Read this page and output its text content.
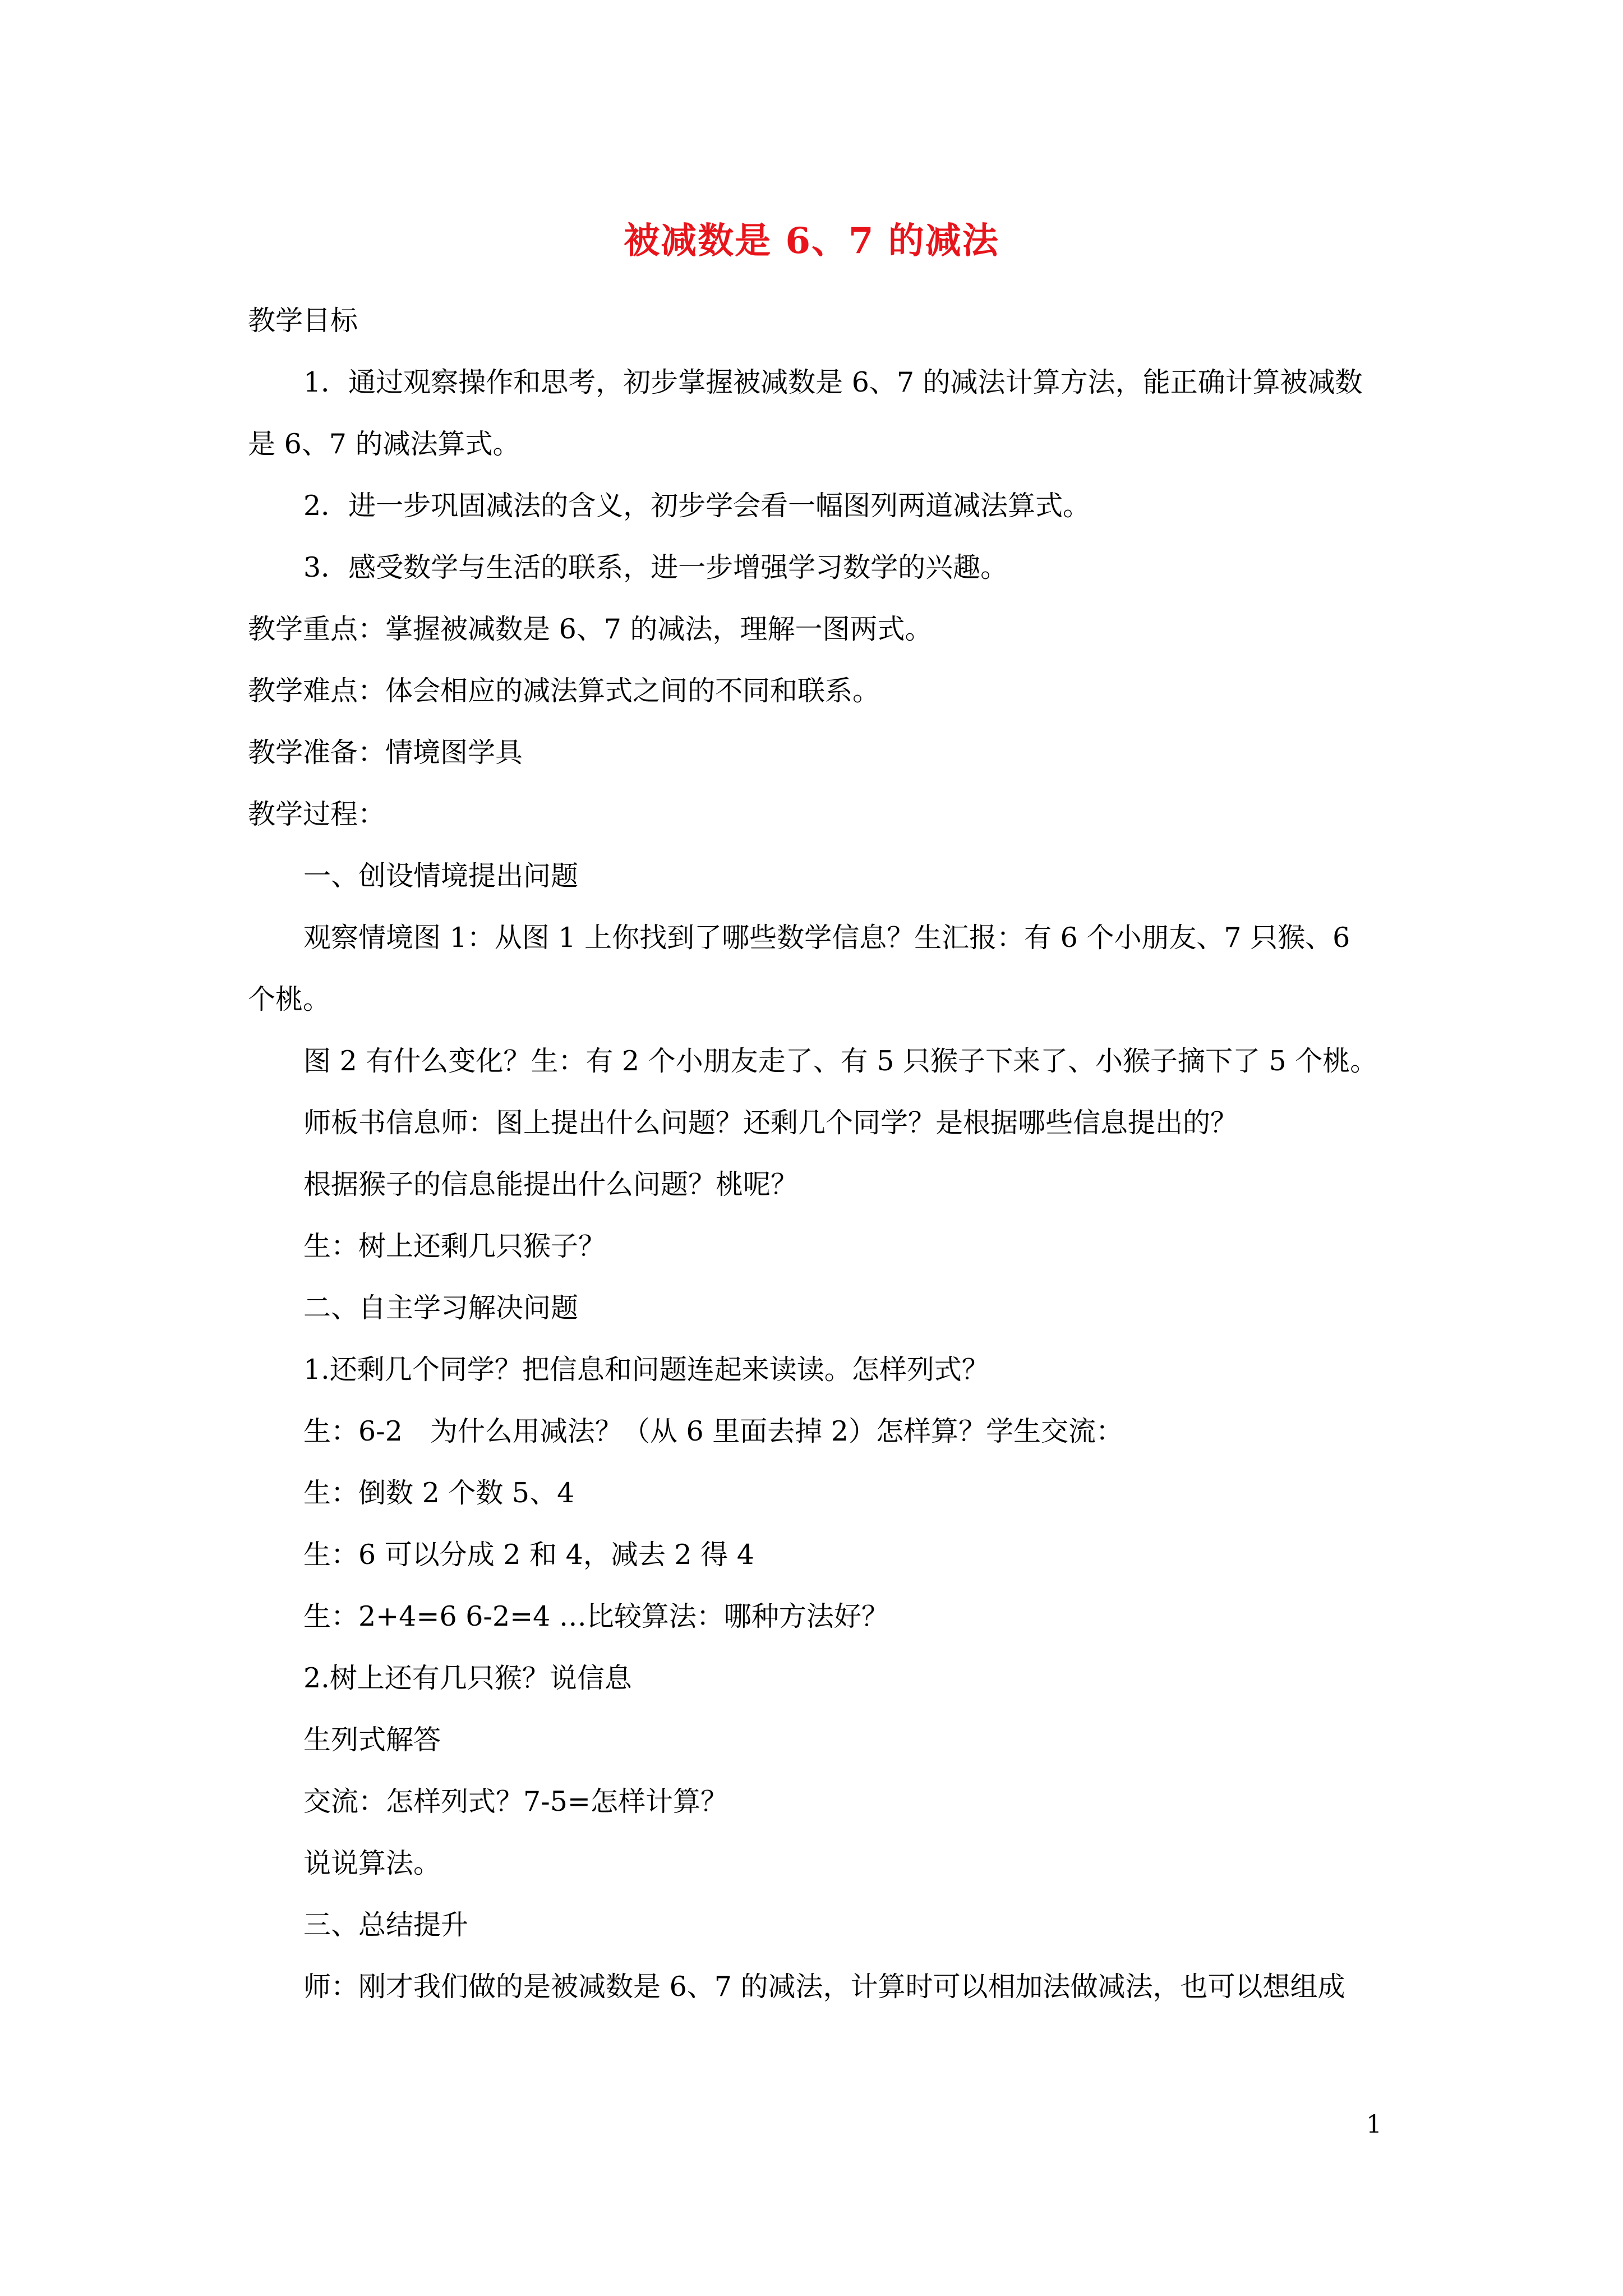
被减数是 6、7 的减法
教学目标
1．通过观察操作和思考，初步掌握被减数是 6、7 的减法计算方法，能正确计算被减数
是 6、7 的减法算式。
2．进一步巩固减法的含义，初步学会看一幅图列两道减法算式。
3．感受数学与生活的联系，进一步增强学习数学的兴趣。
教学重点：掌握被减数是 6、7 的减法，理解一图两式。
教学难点：体会相应的减法算式之间的不同和联系。
教学准备：情境图学具
教学过程：
一、创设情境提出问题
观察情境图 1：从图 1 上你找到了哪些数学信息？生汇报：有 6 个小朋友、7 只猴、6
个桃。
图 2 有什么变化？生：有 2 个小朋友走了、有 5 只猴子下来了、小猴子摘下了 5 个桃。
师板书信息师：图上提出什么问题？还剩几个同学？是根据哪些信息提出的？
根据猴子的信息能提出什么问题？桃呢？
生：树上还剩几只猴子？
二、自主学习解决问题
1.还剩几个同学？把信息和问题连起来读读。怎样列式？
生：6-2　为什么用减法？（从 6 里面去掉 2）怎样算？学生交流：
生：倒数 2 个数 5、4
生：6 可以分成 2 和 4，减去 2 得 4
生：2+4=6 6-2=4 …比较算法：哪种方法好？
2.树上还有几只猴？说信息
生列式解答
交流：怎样列式？7-5=怎样计算？
说说算法。
三、总结提升
师：刚才我们做的是被减数是 6、7 的减法，计算时可以相加法做减法，也可以想组成
1
